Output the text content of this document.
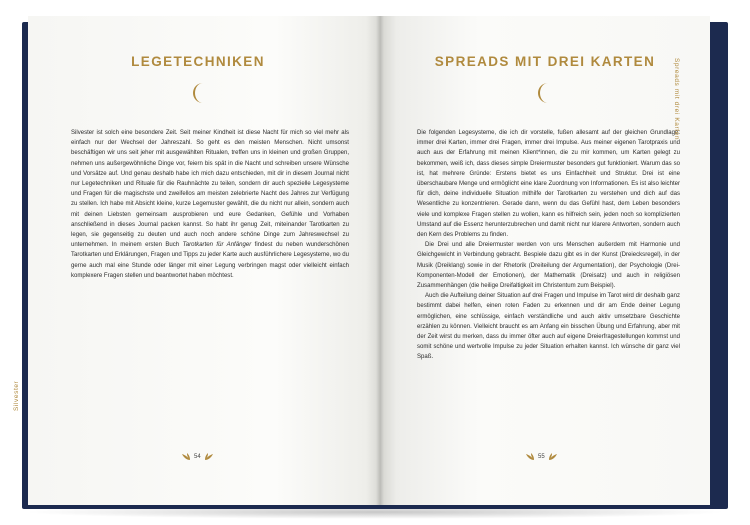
LEGETECHNIKEN

Silvester ist solch eine besondere Zeit. Seit meiner Kindheit ist diese Nacht für mich so viel mehr als einfach nur der Wechsel der Jahreszahl. So geht es den meisten Menschen. Nicht umsonst beschäftigen wir uns seit jeher mit ausgewählten Ritualen, treffen uns in kleinen und großen Gruppen, nehmen uns außergewöhnliche Dinge vor, feiern bis spät in die Nacht und schreiben unsere Wünsche und Vorsätze auf. Und genau deshalb habe ich mich dazu entschieden, mit dir in diesem Journal nicht nur Legetechniken und Rituale für die Rauhnächte zu teilen, sondern dir auch spezielle Legesysteme und Fragen für die magischste und zweifellos am meisten zelebrierte Nacht des Jahres zur Verfügung zu stellen. Ich habe mit Absicht kleine, kurze Legemuster gewählt, die du nicht nur allein, sondern auch mit deinen Liebsten gemeinsam ausprobieren und eure Gedanken, Gefühle und Vorhaben anschließend in dieses Journal packen kannst. So habt ihr genug Zeit, miteinander Tarotkarten zu legen, sie gegenseitig zu deuten und auch noch andere schöne Dinge zum Jahreswechsel zu unternehmen. In meinem ersten Buch Tarotkarten für Anfänger findest du neben wunderschönen Tarotkarten und Erklärungen, Fragen und Tipps zu jeder Karte auch ausführlichere Legesysteme, wo du gerne auch mal eine Stunde oder länger mit einer Legung verbringen magst oder vielleicht einfach komplexere Fragen stellen und beantwortet haben möchtest.

Silvester
54
SPREADS MIT DREI KARTEN

Die folgenden Legesysteme, die ich dir vorstelle, fußen allesamt auf der gleichen Grundlage: immer drei Karten, immer drei Fragen, immer drei Impulse. Aus meiner eigenen Tarotpraxis und auch aus der Erfahrung mit meinen Klient*innen, die zu mir kommen, um Karten gelegt zu bekommen, weiß ich, dass dieses simple Dreiermuster besonders gut funktioniert. Warum das so ist, hat mehrere Gründe: Erstens bietet es uns Einfachheit und Struktur. Drei ist eine überschaubare Menge und ermöglicht eine klare Zuordnung von Informationen. Es ist also leichter für dich, deine individuelle Situation mithilfe der Tarotkarten zu verstehen und dich auf das Wesentliche zu konzentrieren. Gerade dann, wenn du das Gefühl hast, dem Leben besonders viele und komplexe Fragen stellen zu wollen, kann es hilfreich sein, jeden noch so komplizierten Umstand auf die Essenz herunterzubrechen und damit nicht nur klarere Antworten, sondern auch den Kern des Problems zu finden.

Die Drei und alle Dreiermuster werden von uns Menschen außerdem mit Harmonie und Gleichgewicht in Verbindung gebracht. Bespiele dazu gibt es in der Kunst (Dreiecksregel), in der Musik (Dreiklang) sowie in der Rhetorik (Dreiteilung der Argumentation), der Psychologie (Drei-Komponenten-Modell der Emotionen), der Mathematik (Dreisatz) und auch in religiösen Zusammenhängen (die heilige Dreifaltigkeit im Christentum zum Beispiel).

Auch die Aufteilung deiner Situation auf drei Fragen und Impulse im Tarot wird dir deshalb ganz bestimmt dabei helfen, einen roten Faden zu erkennen und dir am Ende deiner Legung ermöglichen, eine schlüssige, einfach verständliche und auch aktiv umsetzbare Geschichte erzählen zu können. Vielleicht braucht es am Anfang ein bisschen Übung und Erfahrung, aber mit der Zeit wirst du merken, dass du immer öfter auch auf eigene Dreierfragestellungen kommst und somit schöne und wertvolle Impulse zu jeder Situation erhalten kannst. Ich wünsche dir ganz viel Spaß.

Spreads mit drei Karten
55
